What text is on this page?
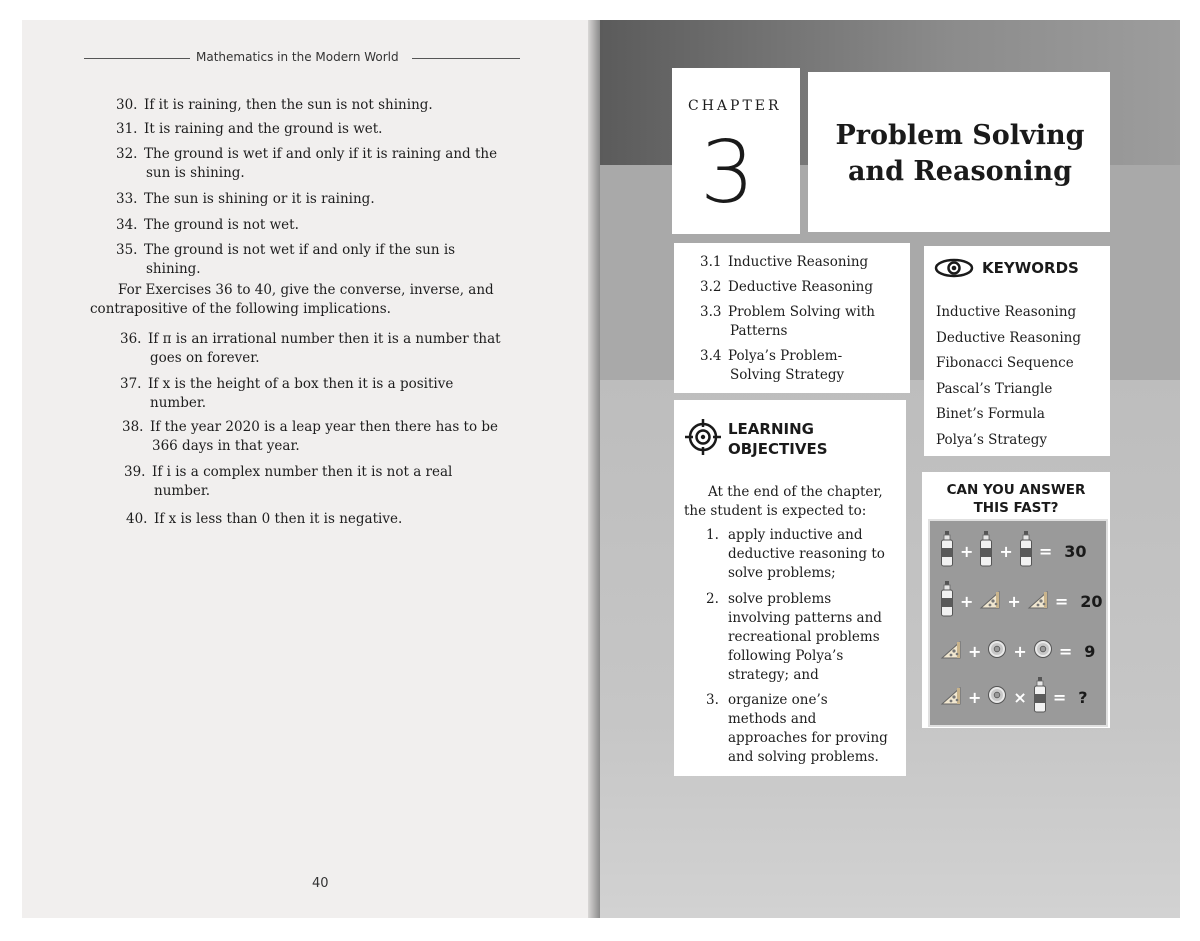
Mathematics in the Modern World
30. If it is raining, then the sun is not shining.
31. It is raining and the ground is wet.
32. The ground is wet if and only if it is raining and the
sun is shining.
33. The sun is shining or it is raining.
34. The ground is not wet.
35. The ground is not wet if and only if the sun is
shining.
For Exercises 36 to 40, give the converse, inverse, and contrapositive of the following implications.
36. If π is an irrational number then it is a number that
goes on forever.
37. If x is the height of a box then it is a positive
number.
38. If the year 2020 is a leap year then there has to be
366 days in that year.
39. If i is a complex number then it is not a real
number.
40. If x is less than 0 then it is negative.
40
CHAPTER
3	Problem Solving
and Reasoning
3.1 Inductive Reasoning
3.2 Deductive Reasoning
3.3 Problem Solving with
Patterns
3.4 Polya’s Problem-
Solving Strategy
KEYWORDS
Inductive Reasoning
Deductive Reasoning
Fibonacci Sequence
Pascal’s Triangle
Binet’s Formula
Polya’s Strategy
LEARNING
OBJECTIVES
At the end of the chapter, the student is expected to:
1. apply inductive and
deductive reasoning to
solve problems;
2. solve problems
involving patterns and
recreational problems
following Polya’s
strategy; and
3. organize one’s
methods and
approaches for proving
and solving problems.
CAN YOU ANSWER
THIS FAST?
+ + = 30
+ + = 20
+ + = 9
+ × = ?
